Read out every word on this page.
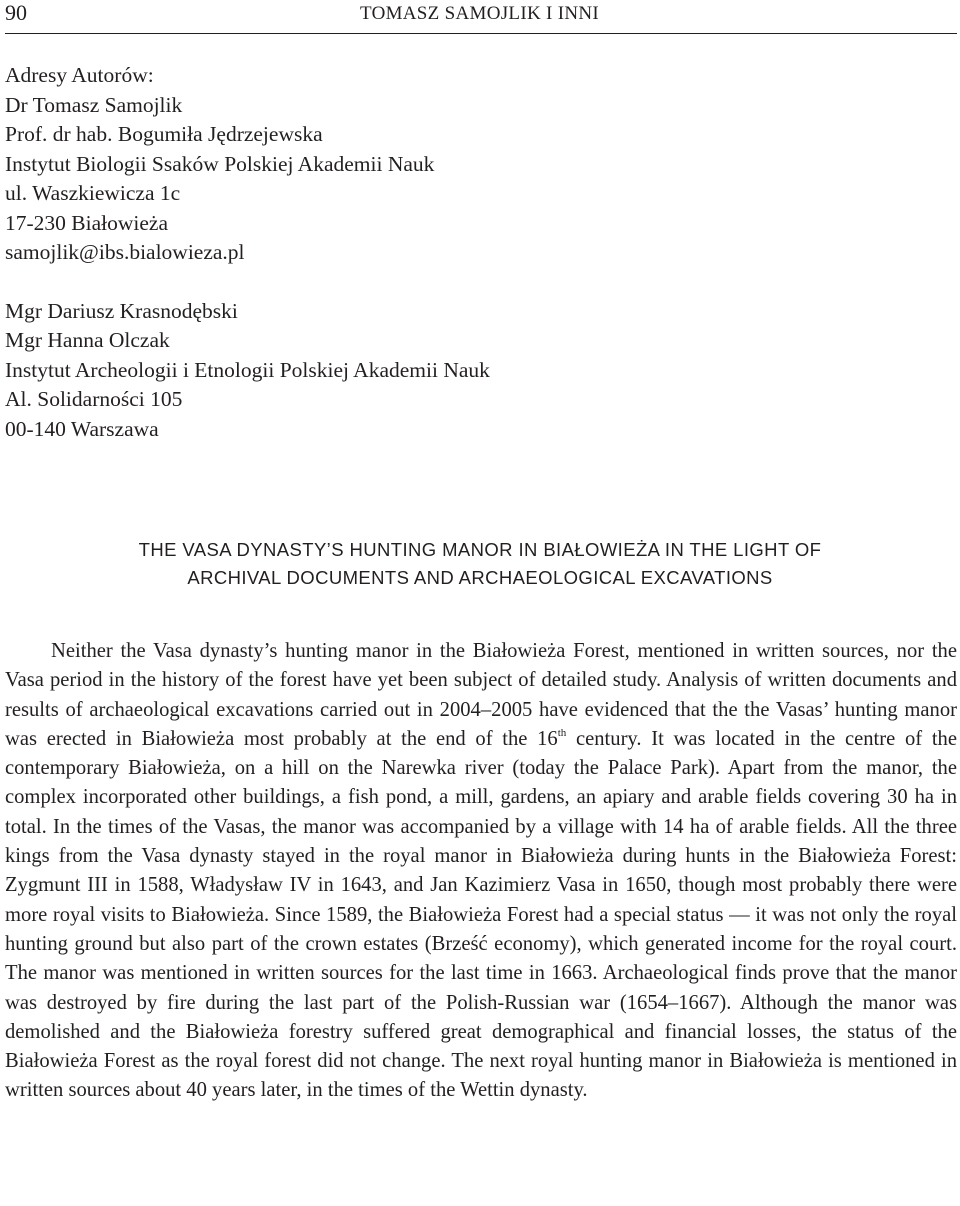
90	TOMASZ SAMOJLIK I INNI
Adresy Autorów:
Dr Tomasz Samojlik
Prof. dr hab. Bogumiła Jędrzejewska
Instytut Biologii Ssaków Polskiej Akademii Nauk
ul. Waszkiewicza 1c
17-230 Białowieża
samojlik@ibs.bialowieza.pl
Mgr Dariusz Krasnodębski
Mgr Hanna Olczak
Instytut Archeologii i Etnologii Polskiej Akademii Nauk
Al. Solidarności 105
00-140 Warszawa
THE VASA DYNASTY’S HUNTING MANOR IN BIAŁOWIEŻA IN THE LIGHT OF
ARCHIVAL DOCUMENTS AND ARCHAEOLOGICAL EXCAVATIONS

Neither the Vasa dynasty’s hunting manor in the Białowieża Forest, mentioned in written sources, nor the Vasa period in the history of the forest have yet been subject of detailed study. Analysis of written documents and results of archaeological excavations carried out in 2004–2005 have evidenced that the the Vasas’ hunting manor was erected in Białowieża most probably at the end of the 16th century. It was located in the centre of the contemporary Białowieża, on a hill on the Narewka river (today the Palace Park). Apart from the manor, the complex incorporated other buildings, a fish pond, a mill, gardens, an apiary and arable fields covering 30 ha in total. In the times of the Vasas, the manor was accompanied by a village with 14 ha of arable fields. All the three kings from the Vasa dynasty stayed in the royal manor in Białowieża during hunts in the Białowieża Forest: Zygmunt III in 1588, Władysław IV in 1643, and Jan Kazimierz Vasa in 1650, though most probably there were more royal visits to Białowieża. Since 1589, the Białowieża Forest had a special status — it was not only the royal hunting ground but also part of the crown estates (Brześć economy), which generated income for the royal court. The manor was mentioned in written sources for the last time in 1663. Archaeological finds prove that the manor was destroyed by fire during the last part of the Polish-Russian war (1654–1667). Although the manor was demolished and the Białowieża forestry suffered great demographical and financial losses, the status of the Białowieża Forest as the royal forest did not change. The next royal hunting manor in Białowieża is mentioned in written sources about 40 years later, in the times of the Wettin dynasty.
